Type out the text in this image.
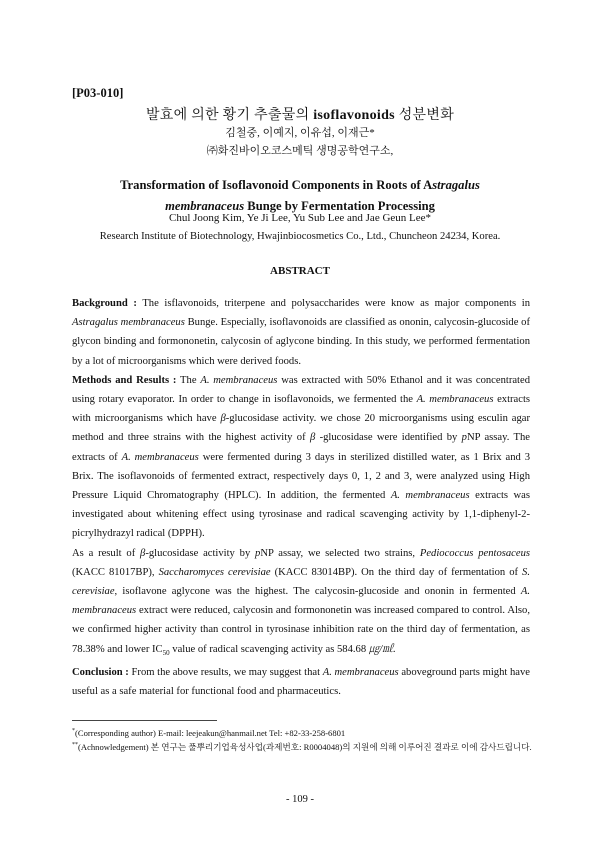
[P03-010]
발효에 의한 황기 추출물의 isoflavonoids 성분변화
김철중, 이예지, 이유섭, 이재근*
㈜화진바이오코스메틱 생명공학연구소,
Transformation of Isoflavonoid Components in Roots of Astragalus
membranaceus Bunge by Fermentation Processing
Chul Joong Kim, Ye Ji Lee, Yu Sub Lee and Jae Geun Lee*
Research Institute of Biotechnology, Hwajinbiocosmetics Co., Ltd., Chuncheon 24234, Korea.
ABSTRACT

Background : The isflavonoids, triterpene and polysaccharides were know as major components in Astragalus membranaceus Bunge. Especially, isoflavonoids are classified as ononin, calycosin-glucoside of glycon binding and formononetin, calycosin of aglycone binding. In this study, we performed fermentation by a lot of microorganisms which were derived foods.

Methods and Results : The A. membranaceus was extracted with 50% Ethanol and it was concentrated using rotary evaporator. In order to change in isoflavonoids, we fermented the A. membranaceus extracts with microorganisms which have β-glucosidase activity. we chose 20 microorganisms using esculin agar method and three strains with the highest activity of β -glucosidase were identified by pNP assay. The extracts of A. membranaceus were fermented during 3 days in sterilized distilled water, as 1 Brix and 3 Brix. The isoflavonoids of fermented extract, respectively days 0, 1, 2 and 3, were analyzed using High Pressure Liquid Chromatography (HPLC). In addition, the fermented A. membranaceus extracts was investigated about whitening effect using tyrosinase and radical scavenging activity by 1,1-diphenyl-2-picrylhydrazyl radical (DPPH).

As a result of β-glucosidase activity by pNP assay, we selected two strains, Pediococcus pentosaceus (KACC 81017BP), Saccharomyces cerevisiae (KACC 83014BP). On the third day of fermentation of S. cerevisiae, isoflavone aglycone was the highest. The calycosin-glucoside and ononin in fermented A. membranaceus extract were reduced, calycosin and formononetin was increased compared to control. Also, we confirmed higher activity than control in tyrosinase inhibition rate on the third day of fermentation, as 78.38% and lower $IC_{50}$ value of radical scavenging activity as 584.68 ㎍/㎖.

Conclusion : From the above results, we may suggest that A. membranaceus aboveground parts might have useful as a safe material for functional food and pharmaceutics.

*(Corresponding author) E-mail: leejeakun@hanmail.net Tel: +82-33-258-6801
**(Achnowledgement) 본 연구는 풀뿌리기업육성사업(과제번호: R0004048)의 지원에 의해 이루어진 결과로 이에 감사드립니다.
- 109 -
